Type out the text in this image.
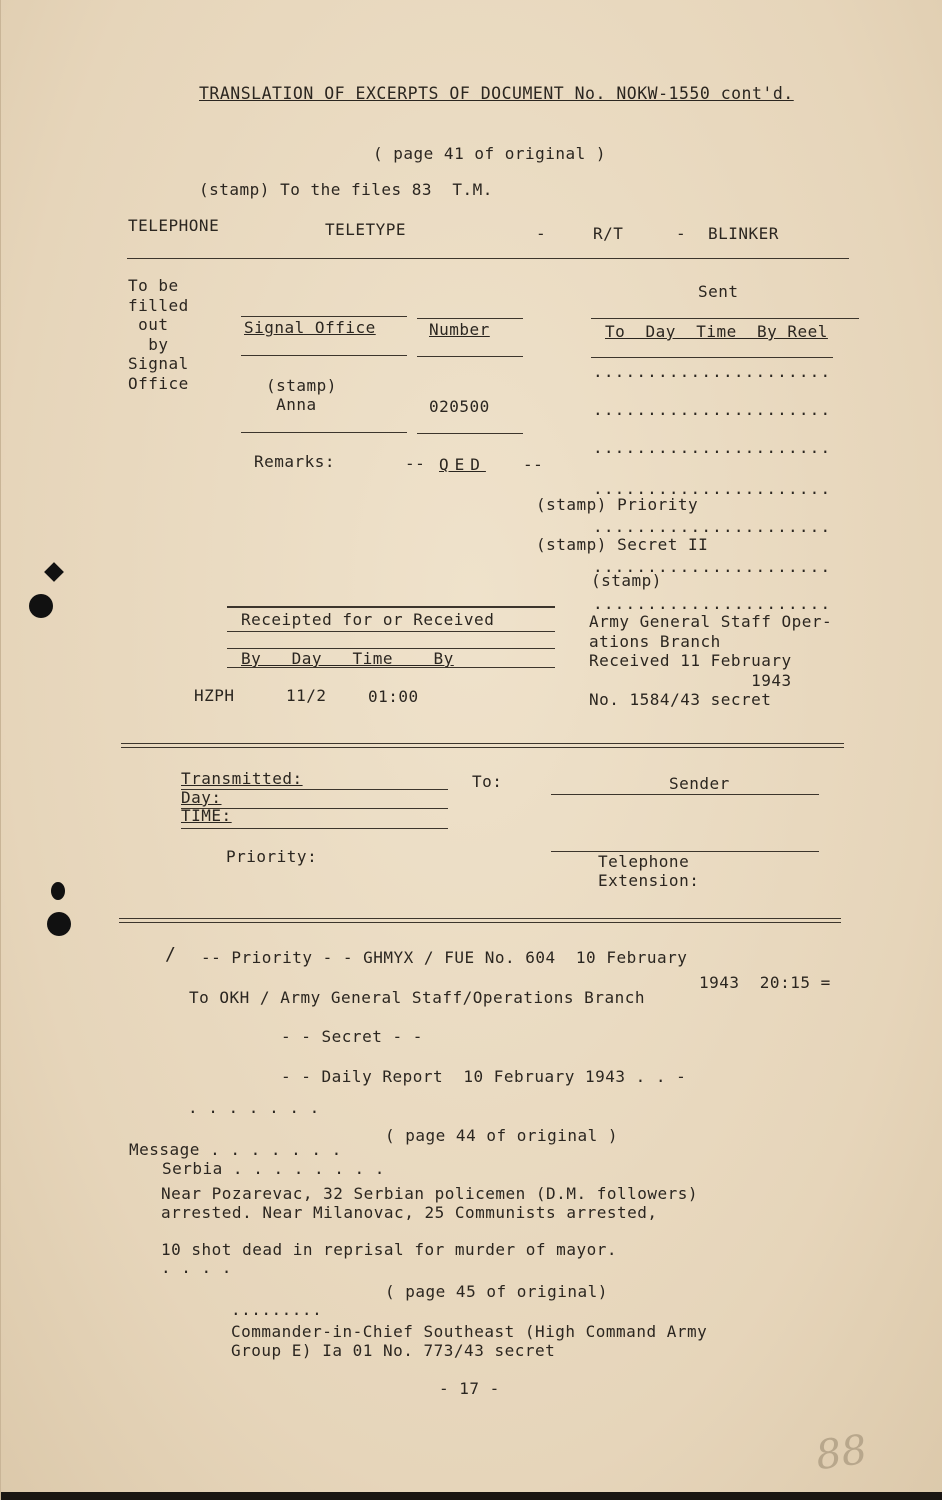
TRANSLATION OF EXCERPTS OF DOCUMENT No. NOKW-1550 cont'd.
( page 41 of original )
(stamp) To the files 83  T.M.
TELEPHONE	TELETYPE	-	R/T	- BLINKER
To be
filled
out
by
Signal
Office
Signal Office	Number
Sent
To  Day  Time  By Reel
......................
(stamp)
Anna	020500	......................
......................
Remarks:	-- QED --
......................
(stamp) Priority
......................
(stamp) Secret II
......................
(stamp)
......................
Receipted for or Received
By   Day   Time    By
Army General Staff Oper-
ations Branch
Received 11 February
1943
No. 1584/43 secret
HZPH	11/2	01:00
Transmitted:
Day:
TIME:
To:	Sender
Priority:	Telephone
Extension:
/ -- Priority - - GHMYX / FUE No. 604  10 February
1943  20:15 =
To OKH / Army General Staff/Operations Branch
- - Secret - -
- - Daily Report  10 February 1943 . . -
. . . . . . .
( page 44 of original )
Message . . . . . . .
Serbia . . . . . . . .
Near Pozarevac, 32 Serbian policemen (D.M. followers)
arrested. Near Milanovac, 25 Communists arrested,
10 shot dead in reprisal for murder of mayor.
. . . .
( page 45 of original)
.........
Commander-in-Chief Southeast (High Command Army
Group E) Ia 01 No. 773/43 secret
- 17 -
88
